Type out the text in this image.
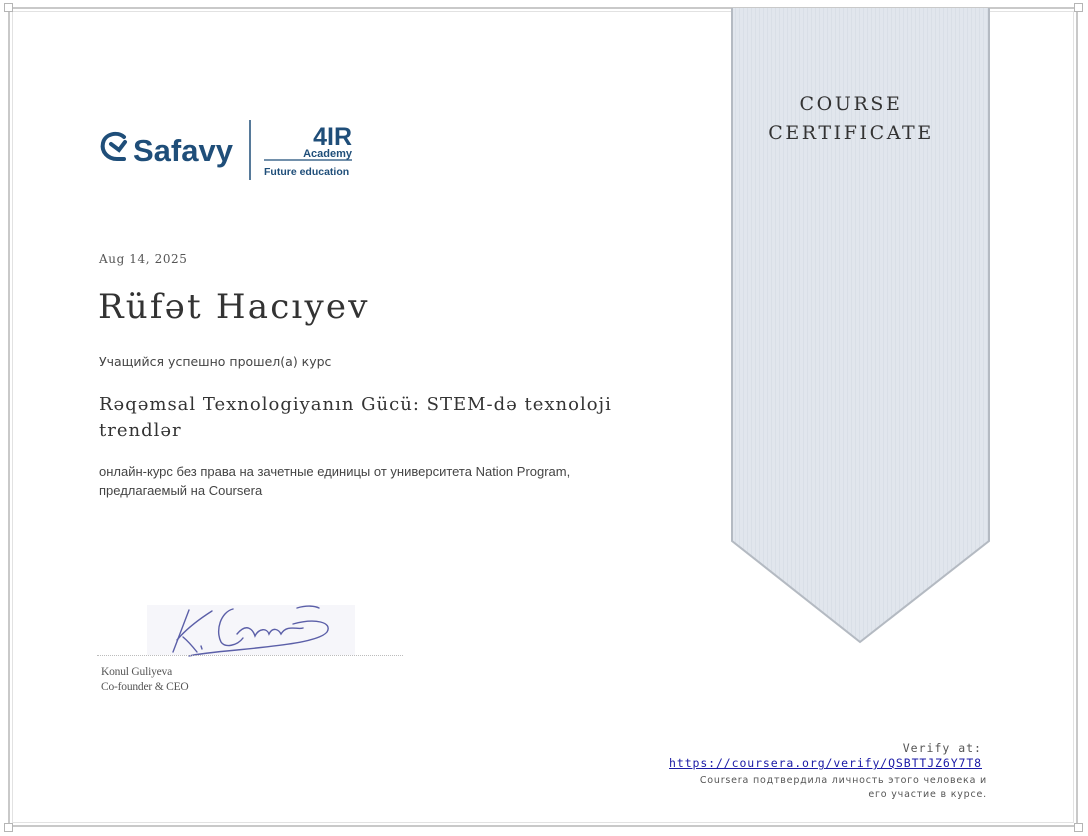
Safavy	4IR
Academy
Future education
Aug 14, 2025
Rüfət Hacıyev
Учащийся успешно прошел(а) курс
Rəqəmsal Texnologiyanın Gücü: STEM-də texnoloji trendlər
онлайн-курс без права на зачетные единицы от университета Nation Program, предлагаемый на Coursera
Konul Guliyeva
Co-founder & CEO
COURSE
CERTIFICATE
Verify at:
https://coursera.org/verify/QSBTTJZ6Y7T8
Coursera подтвердила личность этого человека и его участие в курсе.
